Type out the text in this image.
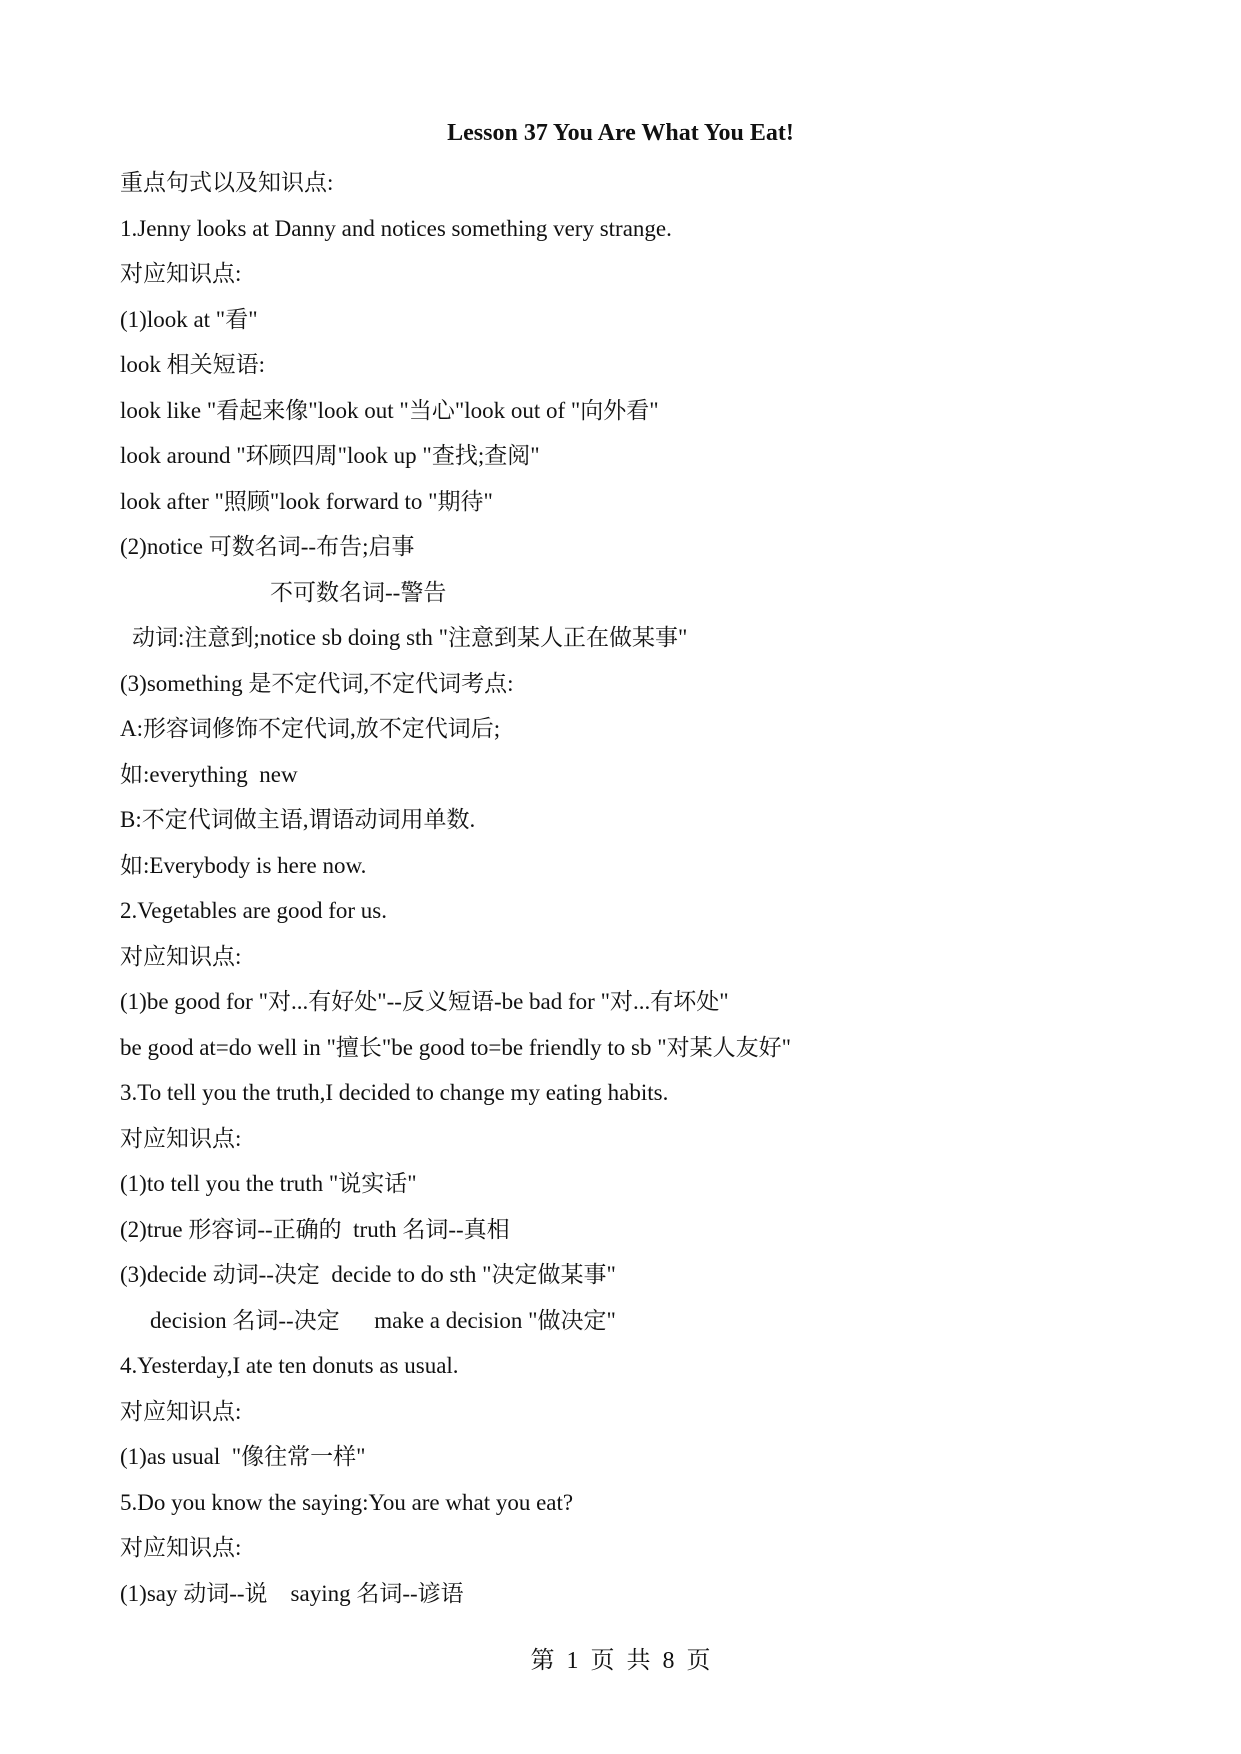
Lesson 37 You Are What You Eat!
重点句式以及知识点:
1.Jenny looks at Danny and notices something very strange.
对应知识点:
(1)look at "看"
look 相关短语:
look like "看起来像"look out "当心"look out of "向外看"
look around "环顾四周"look up "查找;查阅"
look after "照顾"look forward to "期待"
(2)notice 可数名词--布告;启事
不可数名词--警告
动词:注意到;notice sb doing sth "注意到某人正在做某事"
(3)something 是不定代词,不定代词考点:
A:形容词修饰不定代词,放不定代词后;
如:everything  new
B:不定代词做主语,谓语动词用单数.
如:Everybody is here now.
2.Vegetables are good for us.
对应知识点:
(1)be good for "对...有好处"--反义短语-be bad for "对...有坏处"
be good at=do well in "擅长"be good to=be friendly to sb "对某人友好"
3.To tell you the truth,I decided to change my eating habits.
对应知识点:
(1)to tell you the truth "说实话"
(2)true 形容词--正确的  truth 名词--真相
(3)decide 动词--决定  decide to do sth "决定做某事"
decision 名词--决定      make a decision "做决定"
4.Yesterday,I ate ten donuts as usual.
对应知识点:
(1)as usual  "像往常一样"
5.Do you know the saying:You are what you eat?
对应知识点:
(1)say 动词--说    saying 名词--谚语
第 1 页 共 8 页
